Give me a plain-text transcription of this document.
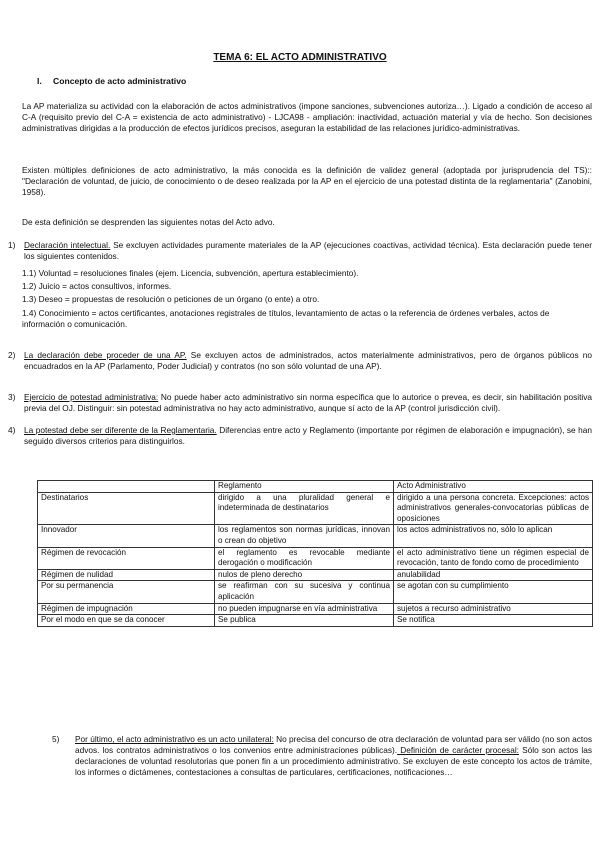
TEMA 6: EL ACTO ADMINISTRATIVO
I. Concepto de acto administrativo
La AP materializa su actividad con la elaboración de actos administrativos (impone sanciones, subvenciones autoriza…). Ligado a condición de acceso al C-A (requisito previo del C-A = existencia de acto administrativo) - LJCA98 - ampliación: inactividad, actuación material y vía de hecho. Son decisiones administrativas dirigidas a la producción de efectos jurídicos precisos, aseguran la estabilidad de las relaciones jurídico-administrativas.
Existen múltiples definiciones de acto administrativo, la más conocida es la definición de validez general (adoptada por jurisprudencia del TS):: "Declaración de voluntad, de juicio, de conocimiento o de deseo realizada por la AP en el ejercicio de una potestad distinta de la reglamentaria" (Zanobini, 1958).
De esta definición se desprenden las siguientes notas del Acto advo.
1) Declaración intelectual. Se excluyen actividades puramente materiales de la AP (ejecuciones coactivas, actividad técnica). Esta declaración puede tener los siguientes contenidos.
1.1) Voluntad = resoluciones finales (ejem. Licencia, subvención, apertura establecimiento).
1.2) Juicio = actos consultivos, informes.
1.3) Deseo = propuestas de resolución o peticiones de un órgano (o ente) a otro.
1.4) Conocimiento = actos certificantes, anotaciones registrales de títulos, levantamiento de actas o la referencia de órdenes verbales, actos de información o comunicación.
2) La declaración debe proceder de una AP. Se excluyen actos de administrados, actos materialmente administrativos, pero de órganos públicos no encuadrados en la AP (Parlamento, Poder Judicial) y contratos (no son sólo voluntad de una AP).
3) Ejercicio de potestad administrativa: No puede haber acto administrativo sin norma específica que lo autorice o prevea, es decir, sin habilitación positiva previa del OJ. Distinguir: sin potestad administrativa no hay acto administrativo, aunque sí acto de la AP (control jurisdicción civil).
4) La potestad debe ser diferente de la Reglamentaria. Diferencias entre acto y Reglamento (importante por régimen de elaboración e impugnación), se han seguido diversos criterios para distinguirlos.
	Reglamento	Acto Administrativo
Destinatarios	dirigido a una pluralidad general e indeterminada de destinatarios	dirigido a una persona concreta. Excepciones: actos administrativos generales-convocatorias públicas de oposiciones
Innovador	los reglamentos son normas jurídicas, innovan o crean do objetivo	los actos administrativos no, sólo lo aplican
Régimen de revocación	el reglamento es revocable mediante derogación o modificación	el acto administrativo tiene un régimen especial de revocación, tanto de fondo como de procedimiento
Régimen de nulidad	nulos de pleno derecho	anulabilidad
Por su permanencia	se reafirman con su sucesiva y continua aplicación	se agotan con su cumplimiento
Régimen de impugnación	no pueden impugnarse en vía administrativa	sujetos a recurso administrativo
Por el modo en que se da conocer	Se publica	Se notifica
5) Por último, el acto administrativo es un acto unilateral: No precisa del concurso de otra declaración de voluntad para ser válido (no son actos advos. los contratos administrativos o los convenios entre administraciones públicas). Definición de carácter procesal: Sólo son actos las declaraciones de voluntad resolutorias que ponen fin a un procedimiento administrativo. Se excluyen de este concepto los actos de trámite, los informes o dictámenes, contestaciones a consultas de particulares, certificaciones, notificaciones…
